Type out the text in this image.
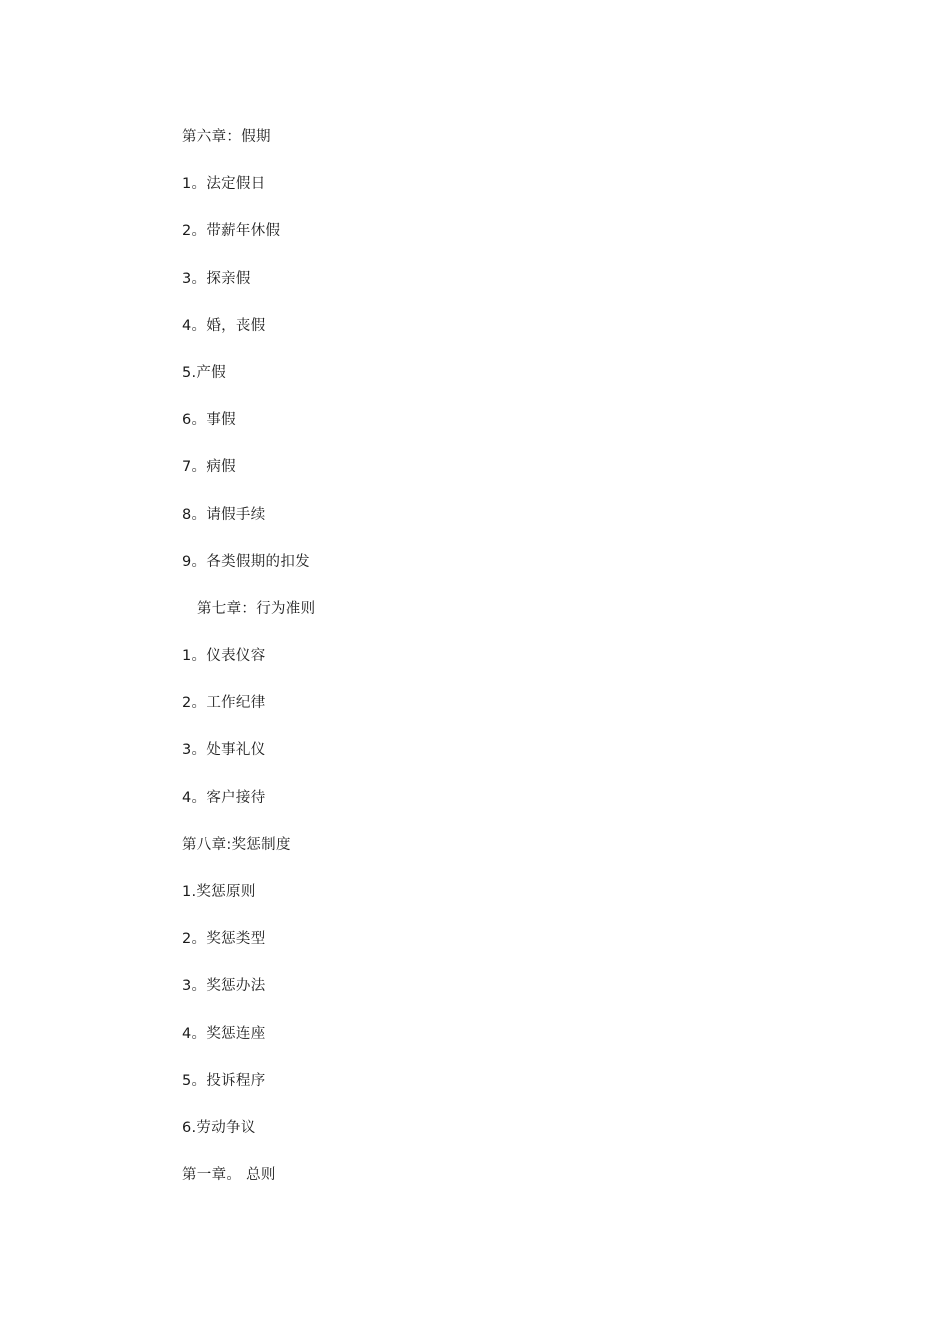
第六章：假期
1。法定假日
2。带薪年休假
3。探亲假
4。婚，丧假
5.产假
6。事假
7。病假
8。请假手续
9。各类假期的扣发
第七章：行为准则
1。仪表仪容
2。工作纪律
3。处事礼仪
4。客户接待
第八章:奖惩制度
1.奖惩原则
2。奖惩类型
3。奖惩办法
4。奖惩连座
5。投诉程序
6.劳动争议
第一章。 总则
